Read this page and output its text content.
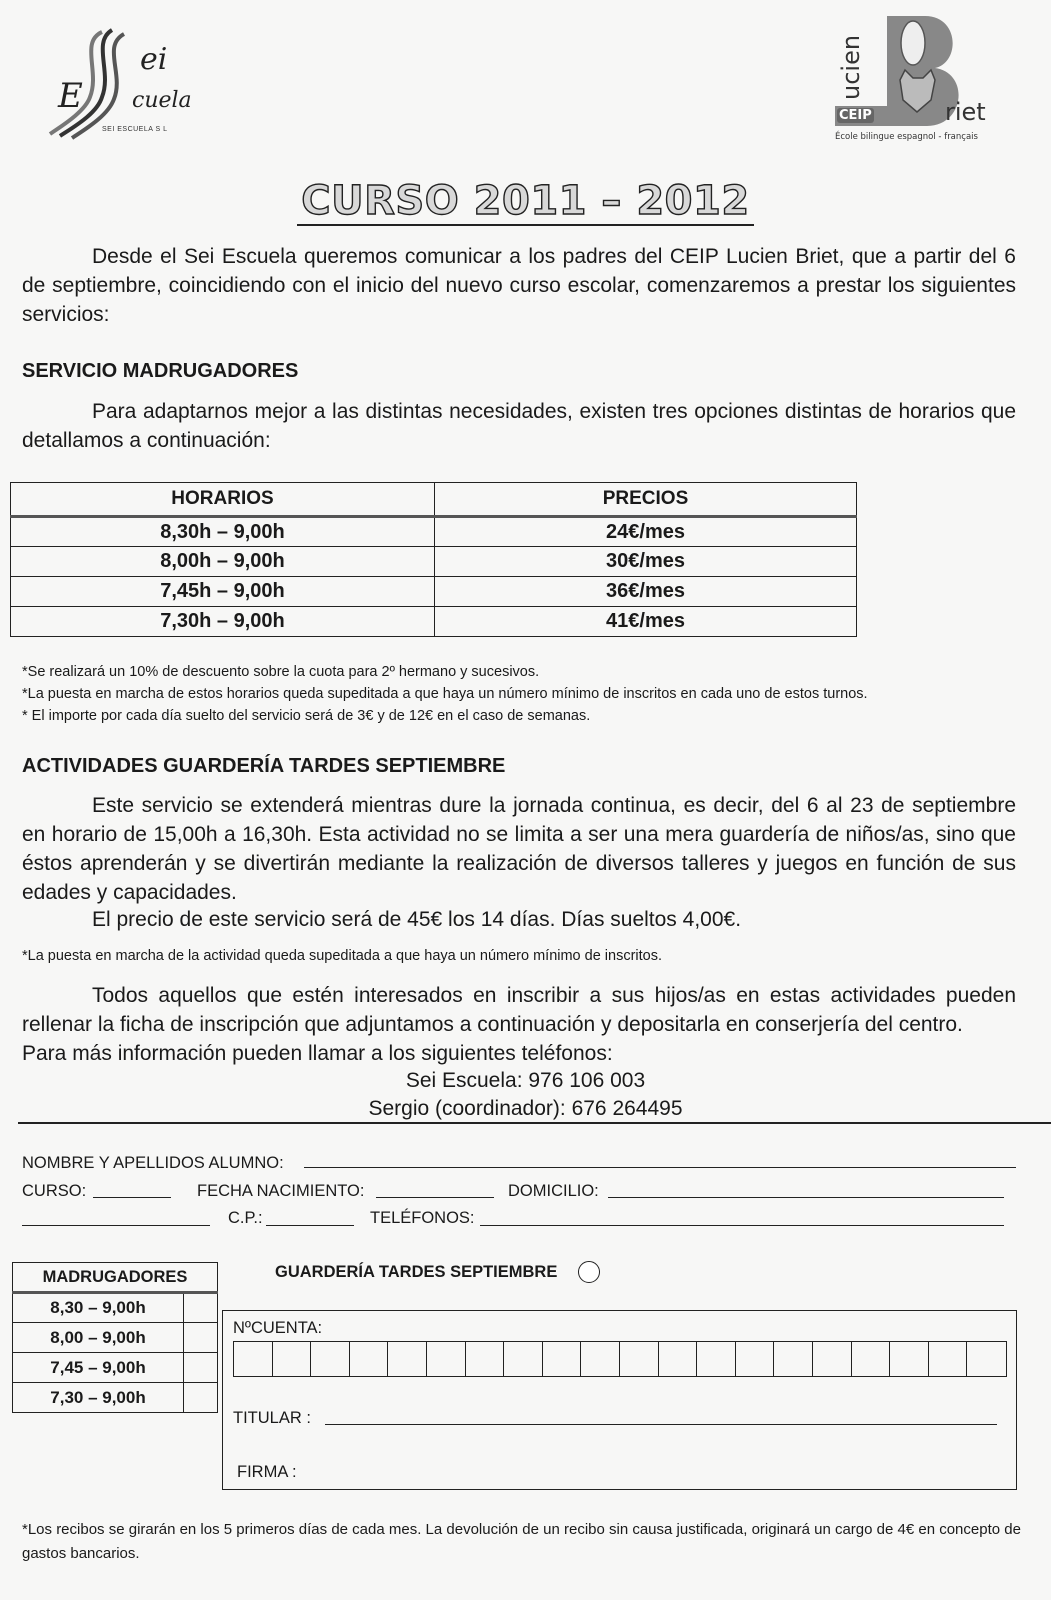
E
ei
cuela
SEI ESCUELA S L
CEIP
ucien
riet
École bilingue espagnol - français
CURSO 2011 – 2012

Desde el Sei Escuela queremos comunicar a los padres del CEIP Lucien Briet, que a partir del 6 de septiembre, coincidiendo con el inicio del nuevo curso escolar, comenzaremos a prestar los siguientes servicios:

SERVICIO MADRUGADORES

Para adaptarnos mejor a las distintas necesidades, existen tres opciones distintas de horarios que detallamos a continuación:

HORARIOS	PRECIOS
8,30h – 9,00h	24€/mes
8,00h – 9,00h	30€/mes
7,45h – 9,00h	36€/mes
7,30h – 9,00h	41€/mes
*Se realizará un 10% de descuento sobre la cuota para 2º hermano y sucesivos.
*La puesta en marcha de estos horarios queda supeditada a que haya un número mínimo de inscritos en cada uno de estos turnos.
* El importe por cada día suelto del servicio será de 3€ y de 12€ en el caso de semanas.
ACTIVIDADES GUARDERÍA TARDES SEPTIEMBRE

Este servicio se extenderá mientras dure la jornada continua, es decir, del 6 al 23 de septiembre en horario de 15,00h a 16,30h. Esta actividad no se limita a ser una mera guardería de niños/as, sino que éstos aprenderán y se divertirán mediante la realización de diversos talleres y juegos en función de sus edades y capacidades.

El precio de este servicio será de 45€ los 14 días. Días sueltos 4,00€.

*La puesta en marcha de la actividad queda supeditada a que haya un número mínimo de inscritos.

Todos aquellos que estén interesados en inscribir a sus hijos/as en estas actividades pueden rellenar la ficha de inscripción que adjuntamos a continuación y depositarla en conserjería del centro.

Para más información pueden llamar a los siguientes teléfonos:

Sei Escuela: 976 106 003
Sergio (coordinador): 676 264495
NOMBRE Y APELLIDOS ALUMNO:
CURSO:	FECHA NACIMIENTO:	DOMICILIO:
C.P.:	TELÉFONOS:
MADRUGADORES	
8,30 – 9,00h	
8,00 – 9,00h	
7,45 – 9,00h	
7,30 – 9,00h	
GUARDERÍA TARDES SEPTIEMBRE
NºCUENTA:
TITULAR :
FIRMA :

*Los recibos se girarán en los 5 primeros días de cada mes. La devolución de un recibo sin causa justificada, originará un cargo de 4€ en concepto de gastos bancarios.
